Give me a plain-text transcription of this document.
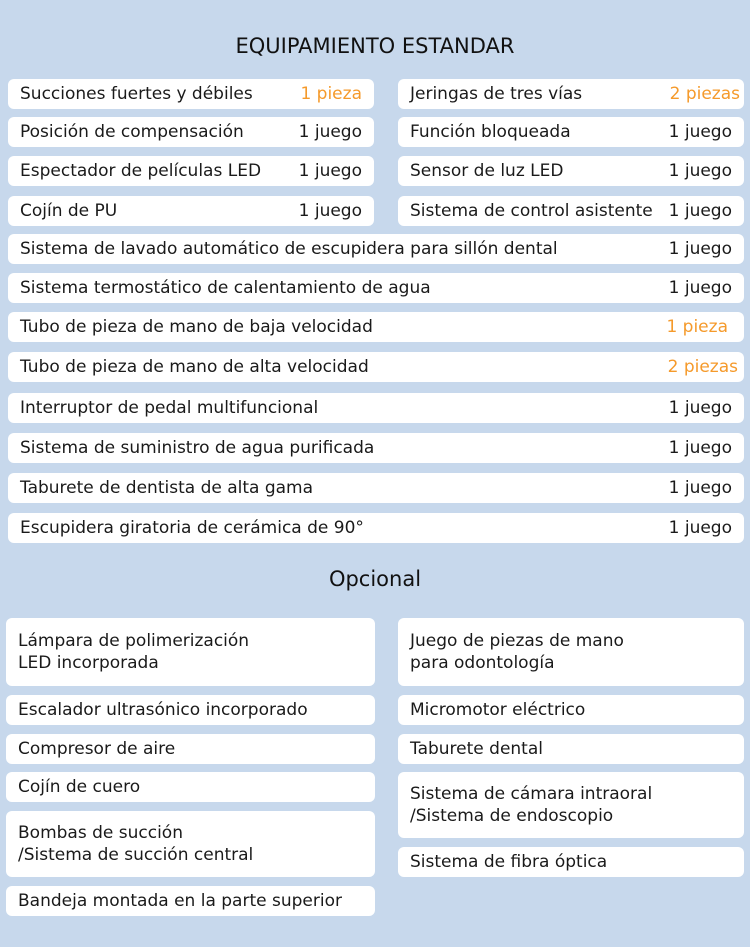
EQUIPAMIENTO ESTANDAR
Succiones fuertes y débiles	1 pieza	Jeringas de tres vías	2 piezas
Posición de compensación	1 juego	Función bloqueada	1 juego
Espectador de películas LED 1 juego	Sensor de luz LED	1 juego
Cojín de PU	1 juego	Sistema de control asistente 1 juego
Sistema de lavado automático de escupidera para sillón dental	1 juego
Sistema termostático de calentamiento de agua	1 juego
Tubo de pieza de mano de baja velocidad	1 pieza
Tubo de pieza de mano de alta velocidad	2 piezas
Interruptor de pedal multifuncional	1 juego
Sistema de suministro de agua purificada	1 juego
Taburete de dentista de alta gama	1 juego
Escupidera giratoria de cerámica de 90°	1 juego
Opcional
Lámpara de polimerización
LED incorporada
Escalador ultrasónico incorporado
Compresor de aire
Cojín de cuero
Bombas de succión
/Sistema de succión central
Bandeja montada en la parte superior
Juego de piezas de mano
para odontología
Micromotor eléctrico
Taburete dental
Sistema de cámara intraoral
/Sistema de endoscopio
Sistema de fibra óptica
